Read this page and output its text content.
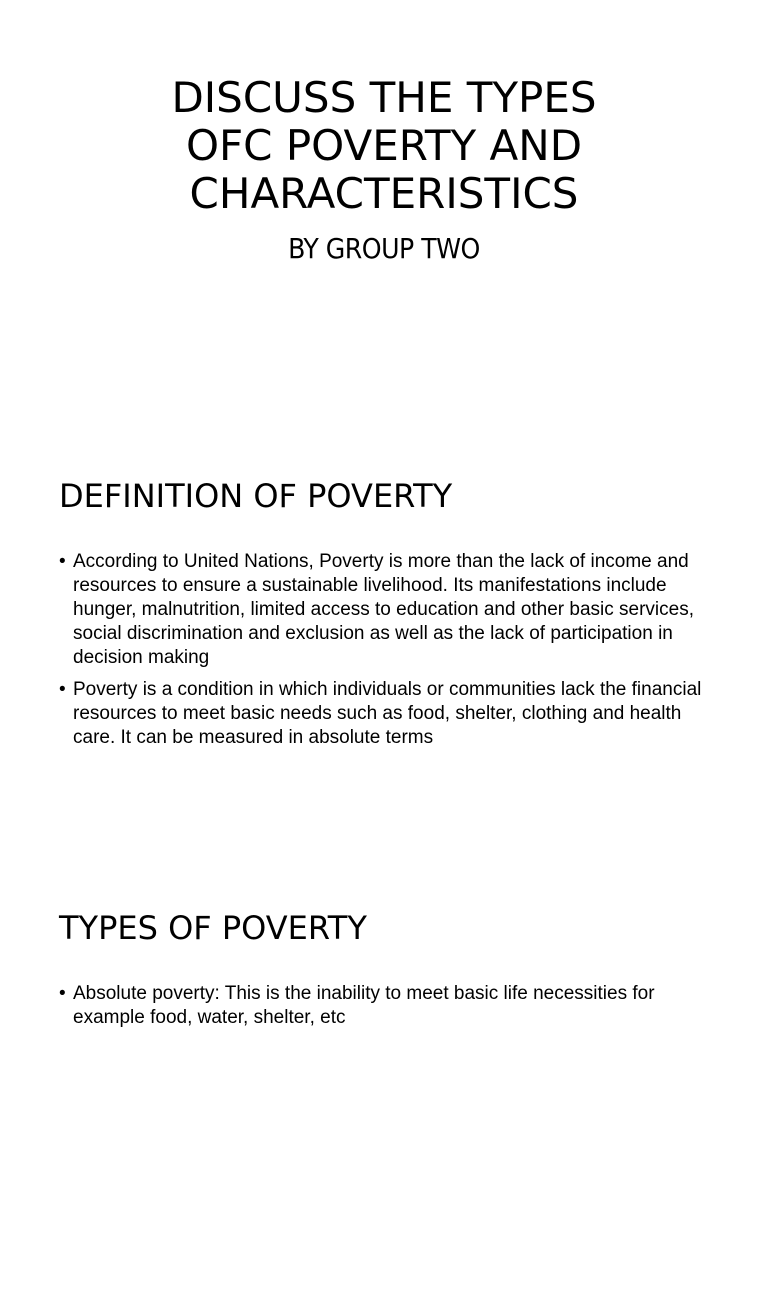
DISCUSS THE TYPES
OFC POVERTY AND
CHARACTERISTICS

BY GROUP TWO

DEFINITION OF POVERTY
• According to United Nations, Poverty is more than the lack of income and resources to ensure a sustainable livelihood. Its manifestations include hunger, malnutrition, limited access to education and other basic services, social discrimination and exclusion as well as the lack of participation in decision making
• Poverty is a condition in which individuals or communities lack the financial resources to meet basic needs such as food, shelter, clothing and health care. It can be measured in absolute terms
TYPES OF POVERTY
• Absolute poverty: This is the inability to meet basic life necessities for example food, water, shelter, etc
